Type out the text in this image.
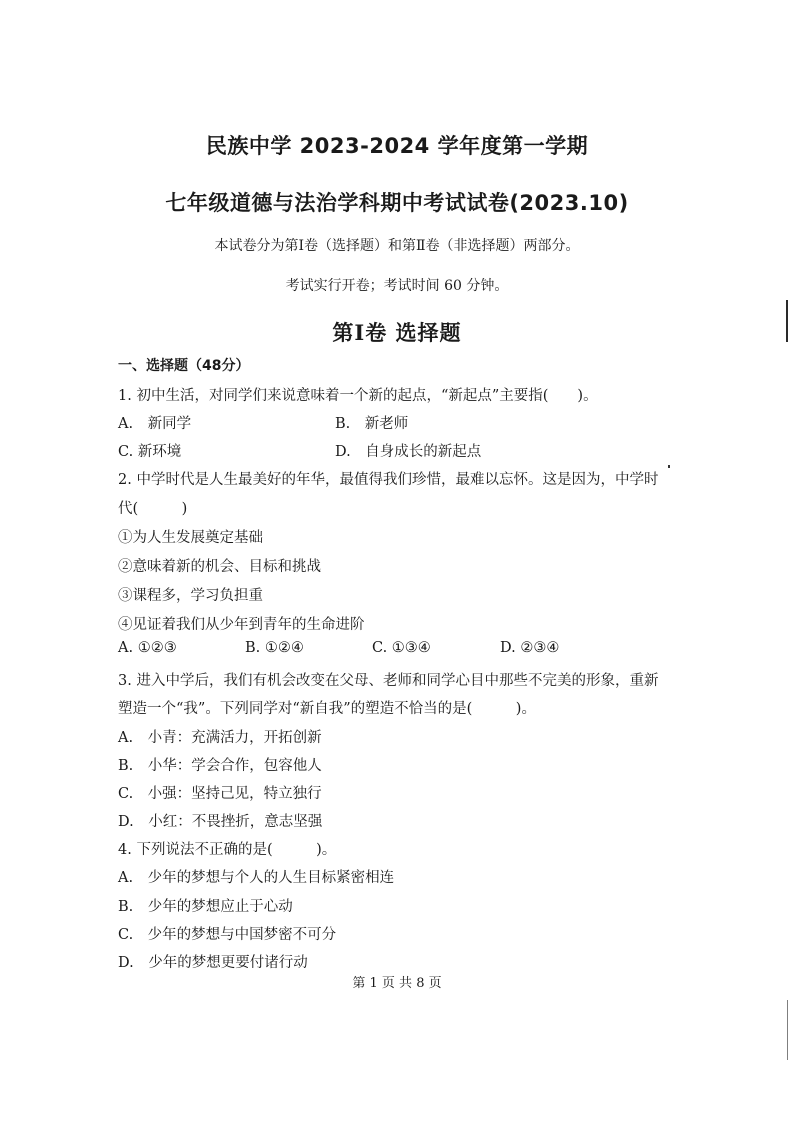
民族中学 2023-2024 学年度第一学期
七年级道德与法治学科期中考试试卷(2023.10)
本试卷分为第Ⅰ卷（选择题）和第Ⅱ卷（非选择题）两部分。
考试实行开卷；考试时间 60 分钟。
第Ⅰ卷 选择题
一、选择题（48分）
1. 初中生活，对同学们来说意味着一个新的起点，“新起点”主要指(　　)。
A.　新同学	B.　新老师
C. 新环境	D.　自身成长的新起点
2. 中学时代是人生最美好的年华，最值得我们珍惜，最难以忘怀。这是因为，中学时
代(　　　)
①为人生发展奠定基础
②意味着新的机会、目标和挑战
③课程多，学习负担重
④见证着我们从少年到青年的生命进阶
A. ①②③	B. ①②④	C. ①③④	D. ②③④
3. 进入中学后，我们有机会改变在父母、老师和同学心目中那些不完美的形象，重新
塑造一个“我”。下列同学对“新自我”的塑造不恰当的是(　　　)。
A.　小青：充满活力，开拓创新
B.　小华：学会合作，包容他人
C.　小强：坚持己见，特立独行
D.　小红：不畏挫折，意志坚强
4. 下列说法不正确的是(　　　)。
A.　少年的梦想与个人的人生目标紧密相连
B.　少年的梦想应止于心动
C.　少年的梦想与中国梦密不可分
D.　少年的梦想更要付诸行动
第 1 页 共 8 页
